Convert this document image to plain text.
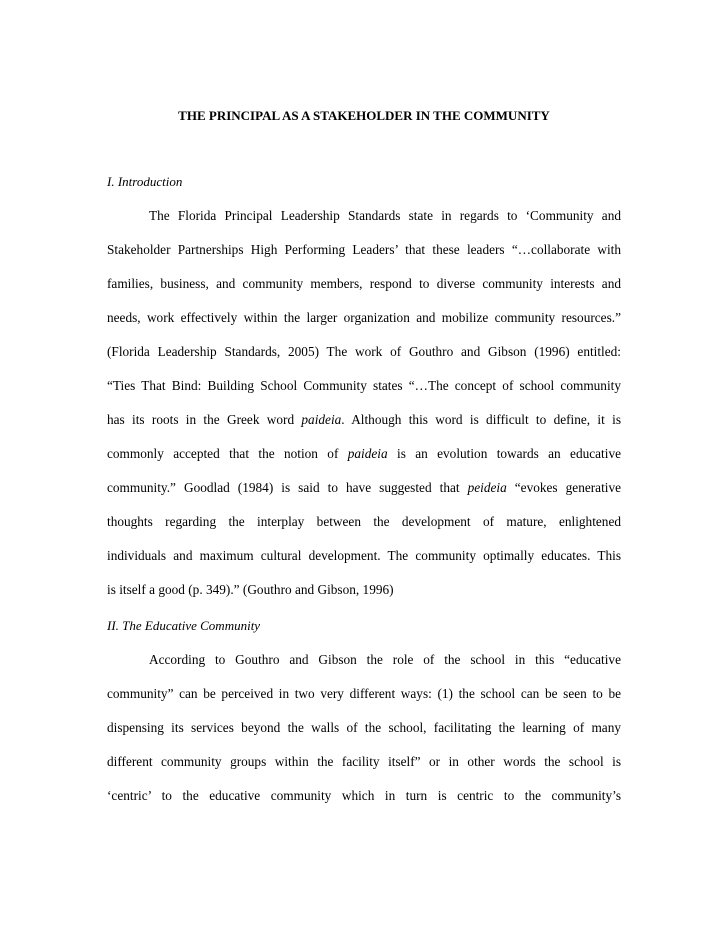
THE PRINCIPAL AS A STAKEHOLDER IN THE COMMUNITY
I. Introduction
The Florida Principal Leadership Standards state in regards to ‘Community and
Stakeholder Partnerships High Performing Leaders’ that these leaders “…collaborate with
families, business, and community members, respond to diverse community interests and
needs, work effectively within the larger organization and mobilize community resources.”
(Florida Leadership Standards, 2005) The work of Gouthro and Gibson (1996) entitled:
“Ties That Bind: Building School Community states “…The concept of school community
has its roots in the Greek word paideia. Although this word is difficult to define, it is
commonly accepted that the notion of paideia is an evolution towards an educative
community.” Goodlad (1984) is said to have suggested that peideia “evokes generative
thoughts regarding the interplay between the development of mature, enlightened
individuals and maximum cultural development. The community optimally educates. This
is itself a good (p. 349).” (Gouthro and Gibson, 1996)
II. The Educative Community
According to Gouthro and Gibson the role of the school in this “educative
community” can be perceived in two very different ways: (1) the school can be seen to be
dispensing its services beyond the walls of the school, facilitating the learning of many
different community groups within the facility itself” or in other words the school is
‘centric’ to the educative community which in turn is centric to the community’s
